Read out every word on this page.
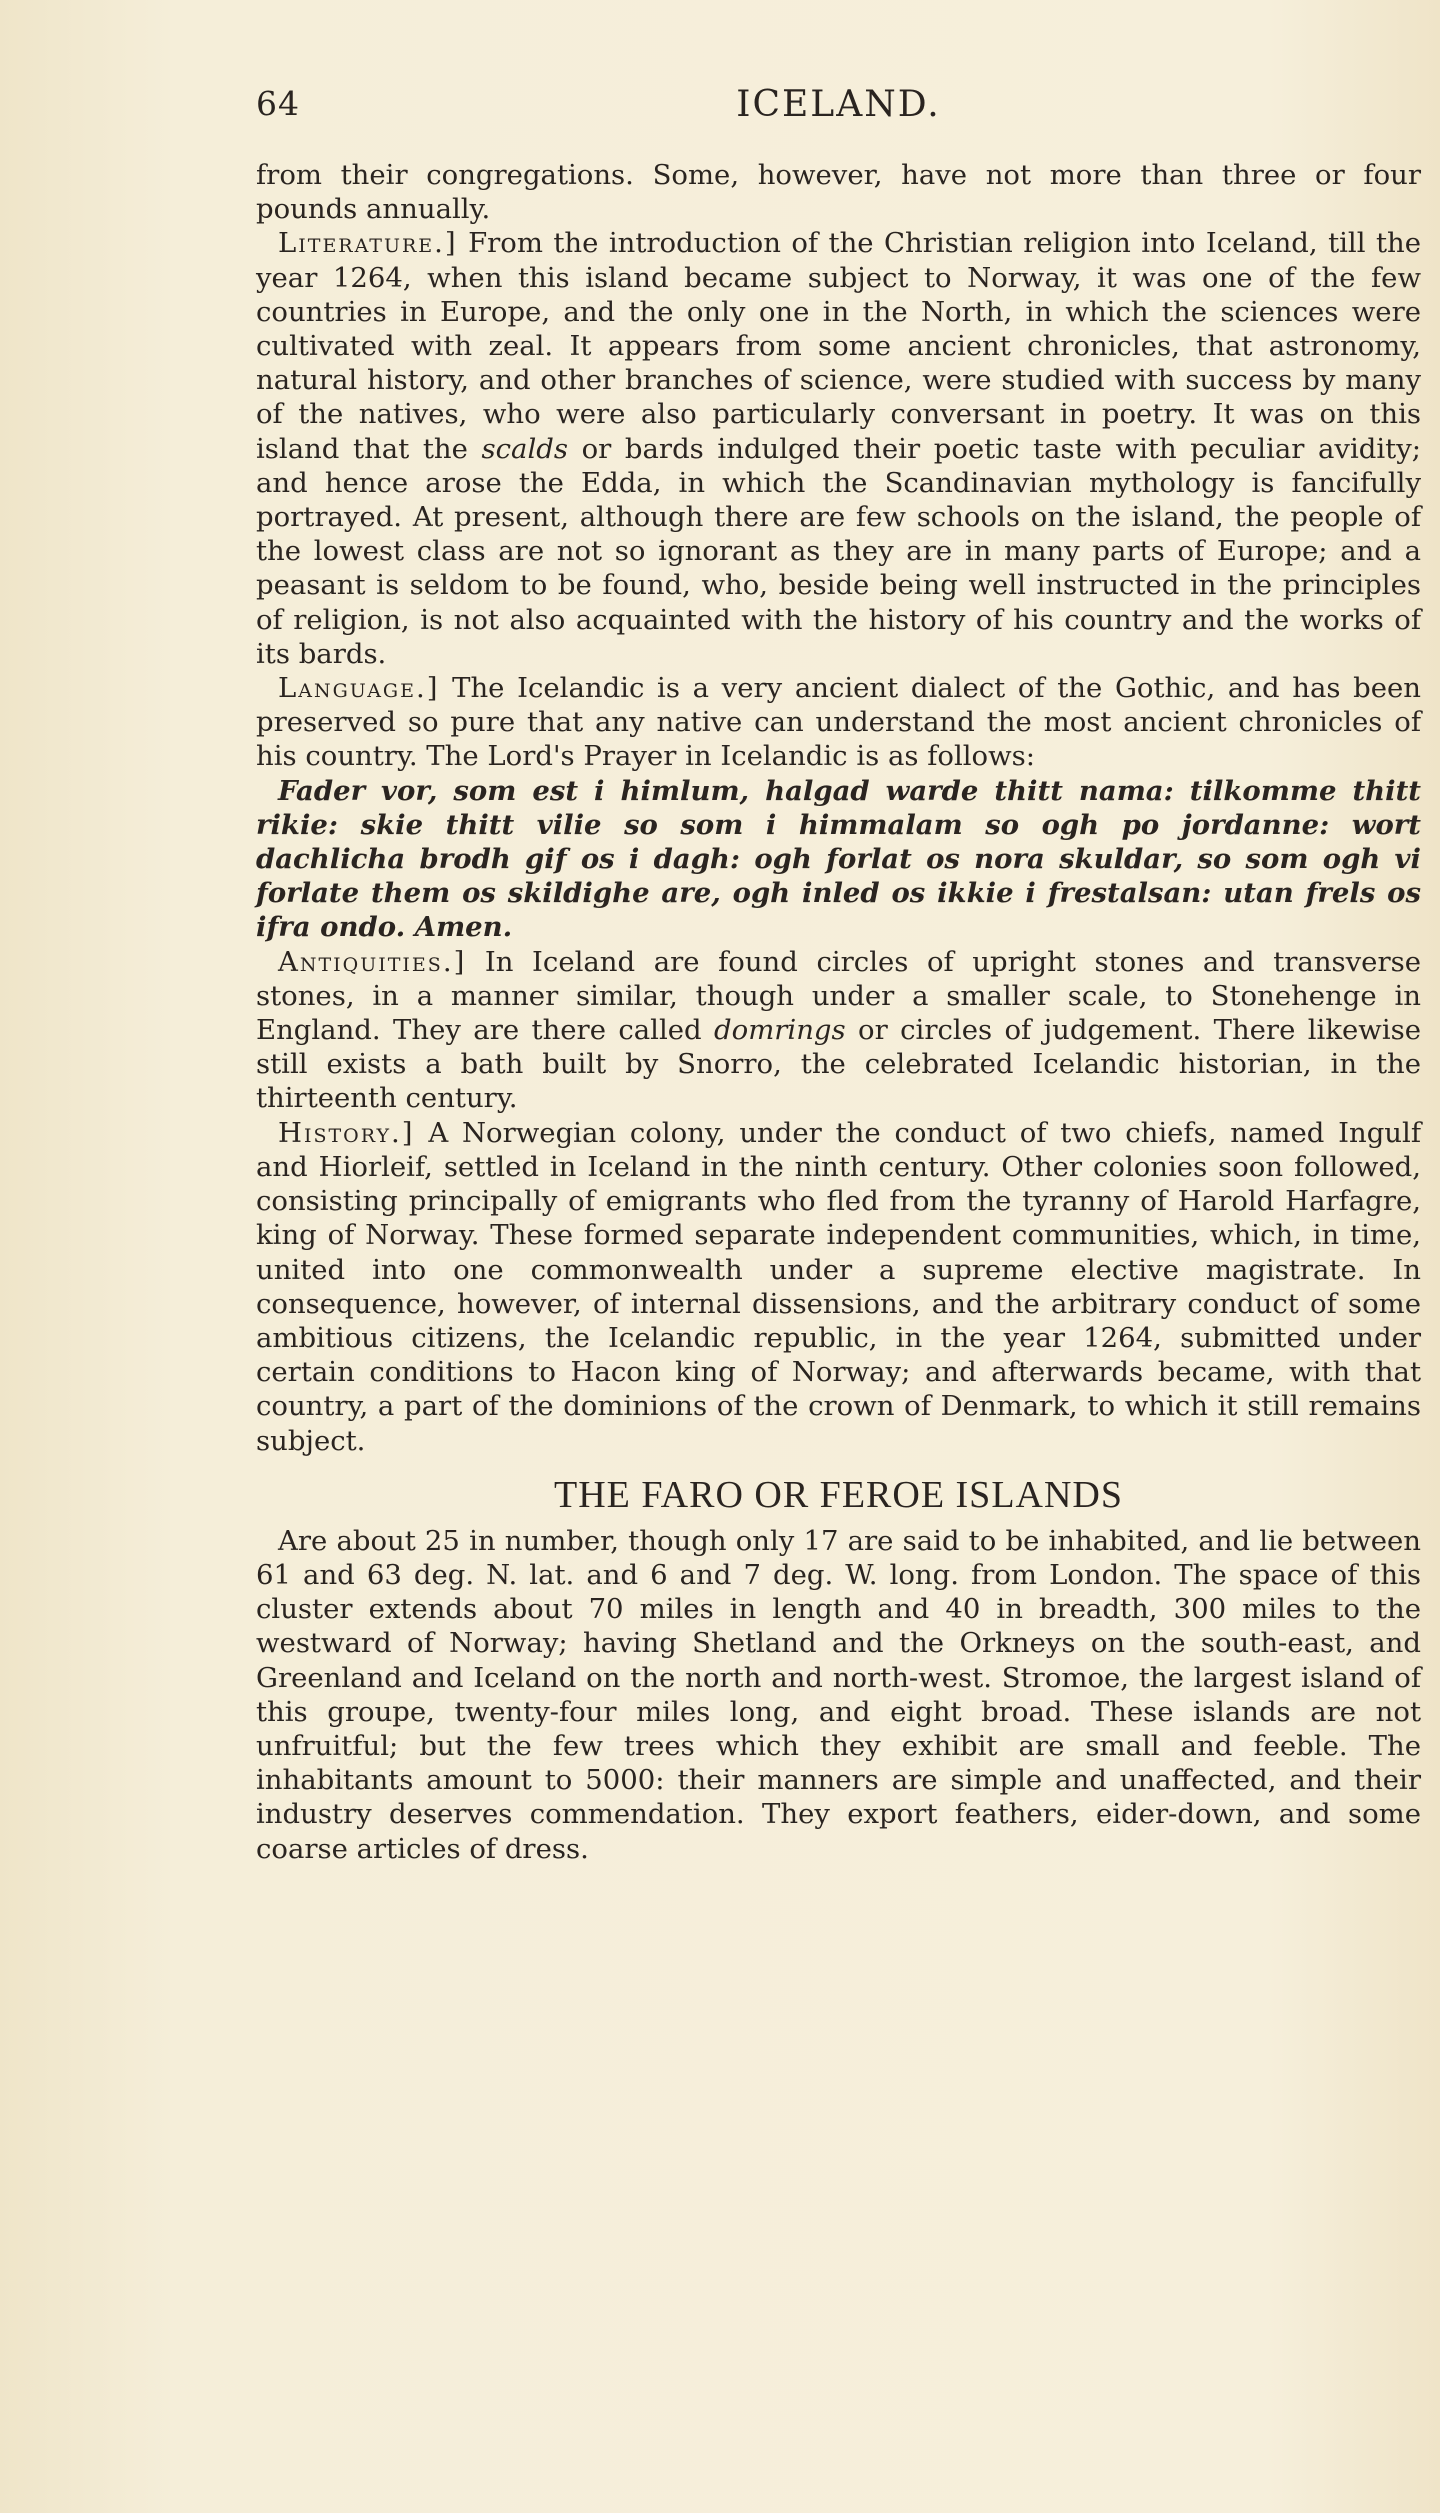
64	ICELAND.

from their congregations. Some, however, have not more than three or four pounds annually.

Literature.] From the introduction of the Christian religion into Iceland, till the year 1264, when this island became subject to Norway, it was one of the few countries in Europe, and the only one in the North, in which the sciences were cultivated with zeal. It appears from some ancient chronicles, that astronomy, natural history, and other branches of science, were studied with success by many of the natives, who were also particularly conversant in poetry. It was on this island that the scalds or bards indulged their poetic taste with peculiar avidity; and hence arose the Edda, in which the Scandinavian mythology is fancifully portrayed. At present, although there are few schools on the island, the people of the lowest class are not so ignorant as they are in many parts of Europe; and a peasant is seldom to be found, who, beside being well instructed in the principles of religion, is not also acquainted with the history of his country and the works of its bards.

Language.] The Icelandic is a very ancient dialect of the Gothic, and has been preserved so pure that any native can understand the most ancient chronicles of his country. The Lord's Prayer in Icelandic is as follows:

Fader vor, som est i himlum, halgad warde thitt nama: tilkomme thitt rikie: skie thitt vilie so som i himmalam so ogh po jordanne: wort dachlicha brodh gif os i dagh: ogh forlat os nora skuldar, so som ogh vi forlate them os skildighe are, ogh inled os ikkie i frestalsan: utan frels os ifra ondo. Amen.

Antiquities.] In Iceland are found circles of upright stones and transverse stones, in a manner similar, though under a smaller scale, to Stonehenge in England. They are there called domrings or circles of judgement. There likewise still exists a bath built by Snorro, the celebrated Icelandic historian, in the thirteenth century.

History.] A Norwegian colony, under the conduct of two chiefs, named Ingulf and Hiorleif, settled in Iceland in the ninth century. Other colonies soon followed, consisting principally of emigrants who fled from the tyranny of Harold Harfagre, king of Norway. These formed separate independent communities, which, in time, united into one commonwealth under a supreme elective magistrate. In consequence, however, of internal dissensions, and the arbitrary conduct of some ambitious citizens, the Icelandic republic, in the year 1264, submitted under certain conditions to Hacon king of Norway; and afterwards became, with that country, a part of the dominions of the crown of Denmark, to which it still remains subject.

THE FARO OR FEROE ISLANDS

Are about 25 in number, though only 17 are said to be inhabited, and lie between 61 and 63 deg. N. lat. and 6 and 7 deg. W. long. from London. The space of this cluster extends about 70 miles in length and 40 in breadth, 300 miles to the westward of Norway; having Shetland and the Orkneys on the south-east, and Greenland and Iceland on the north and north-west. Stromoe, the largest island of this groupe, twenty-four miles long, and eight broad. These islands are not unfruitful; but the few trees which they exhibit are small and feeble. The inhabitants amount to 5000: their manners are simple and unaffected, and their industry deserves commendation. They export feathers, eider-down, and some coarse articles of dress.
